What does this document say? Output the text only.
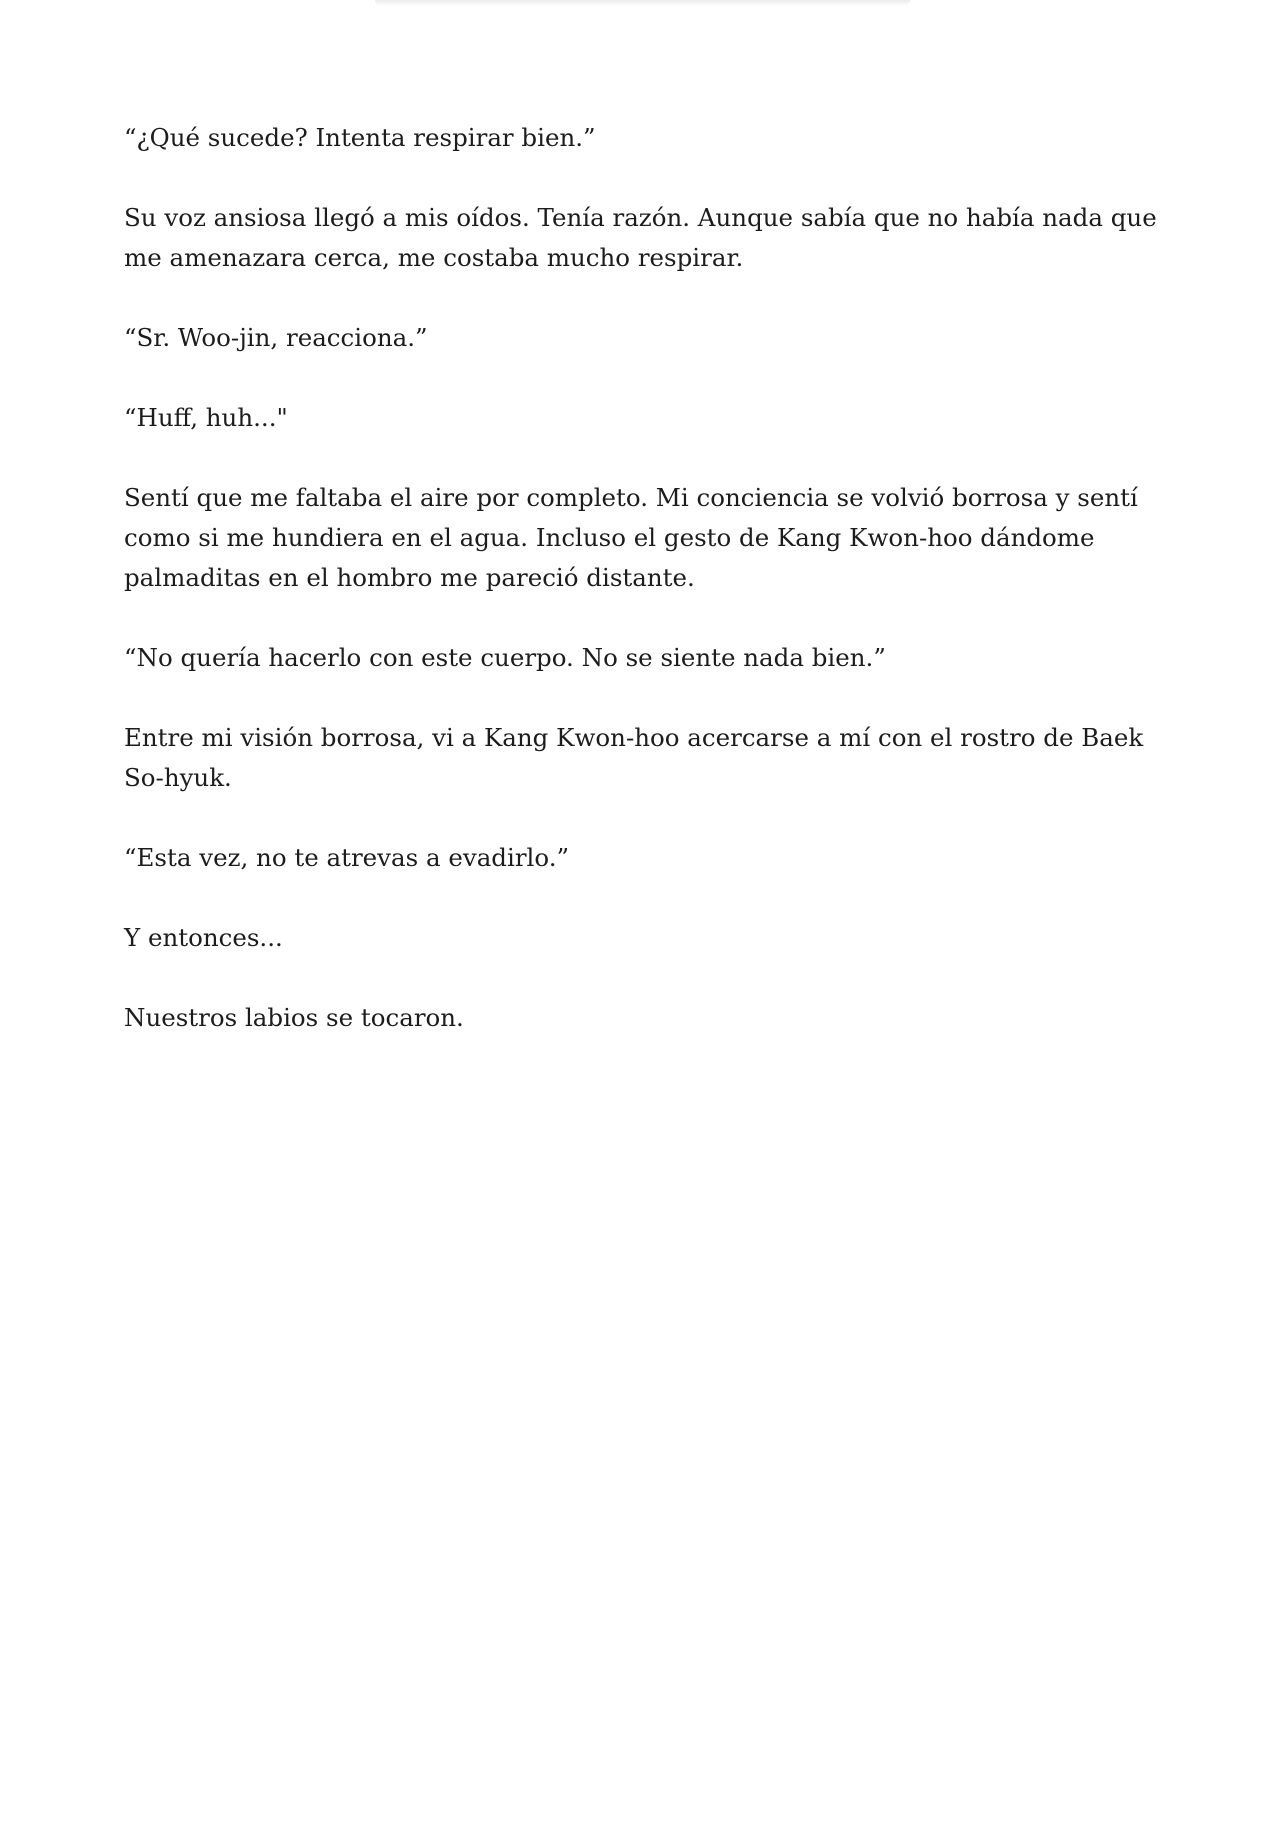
“¿Qué sucede? Intenta respirar bien.”

Su voz ansiosa llegó a mis oídos. Tenía razón. Aunque sabía que no había nada que me amenazara cerca, me costaba mucho respirar.

“Sr. Woo-jin, reacciona.”

“Huff, huh..."

Sentí que me faltaba el aire por completo. Mi conciencia se volvió borrosa y sentí como si me hundiera en el agua. Incluso el gesto de Kang Kwon-hoo dándome palmaditas en el hombro me pareció distante.

“No quería hacerlo con este cuerpo. No se siente nada bien.”

Entre mi visión borrosa, vi a Kang Kwon-hoo acercarse a mí con el rostro de Baek So-hyuk.

“Esta vez, no te atrevas a evadirlo.”

Y entonces...

Nuestros labios se tocaron.
